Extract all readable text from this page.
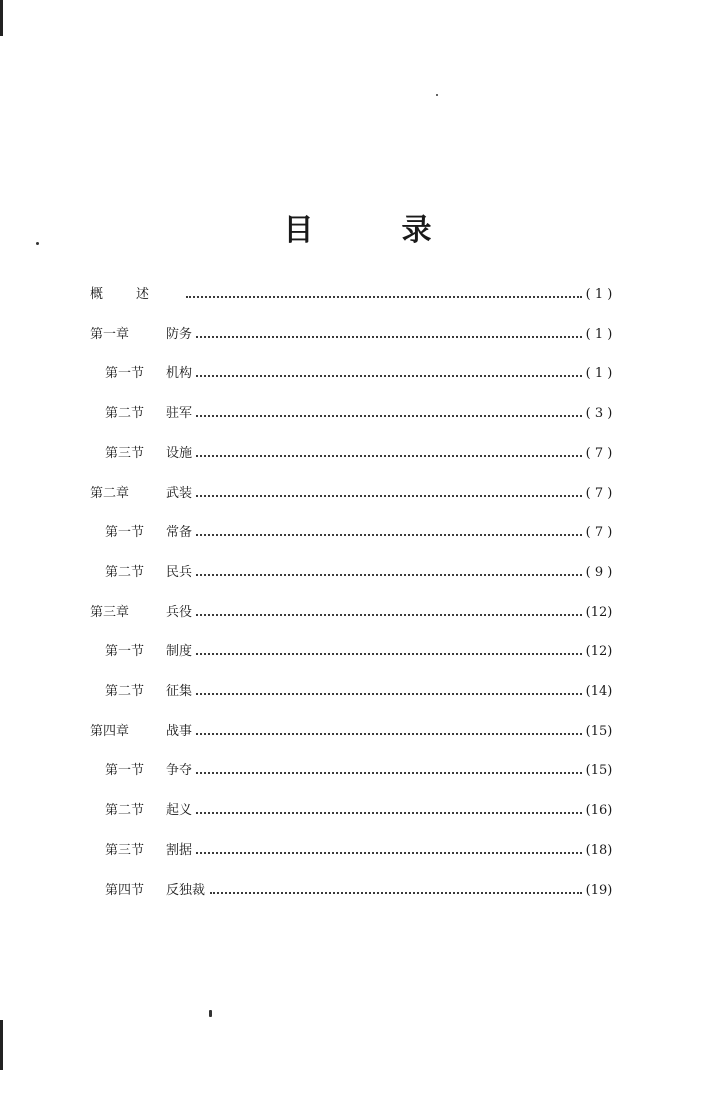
目	录
概　述	( 1 )
第一章	防务	( 1 )
第一节 机构	( 1 )
第二节 驻军	( 3 )
第三节 设施	( 7 )
第二章	武装	( 7 )
第一节 常备	( 7 )
第二节 民兵	( 9 )
第三章	兵役	(12)
第一节 制度	(12)
第二节 征集	(14)
第四章	战事	(15)
第一节 争夺	(15)
第二节 起义	(16)
第三节 割据	(18)
第四节 反独裁	(19)
